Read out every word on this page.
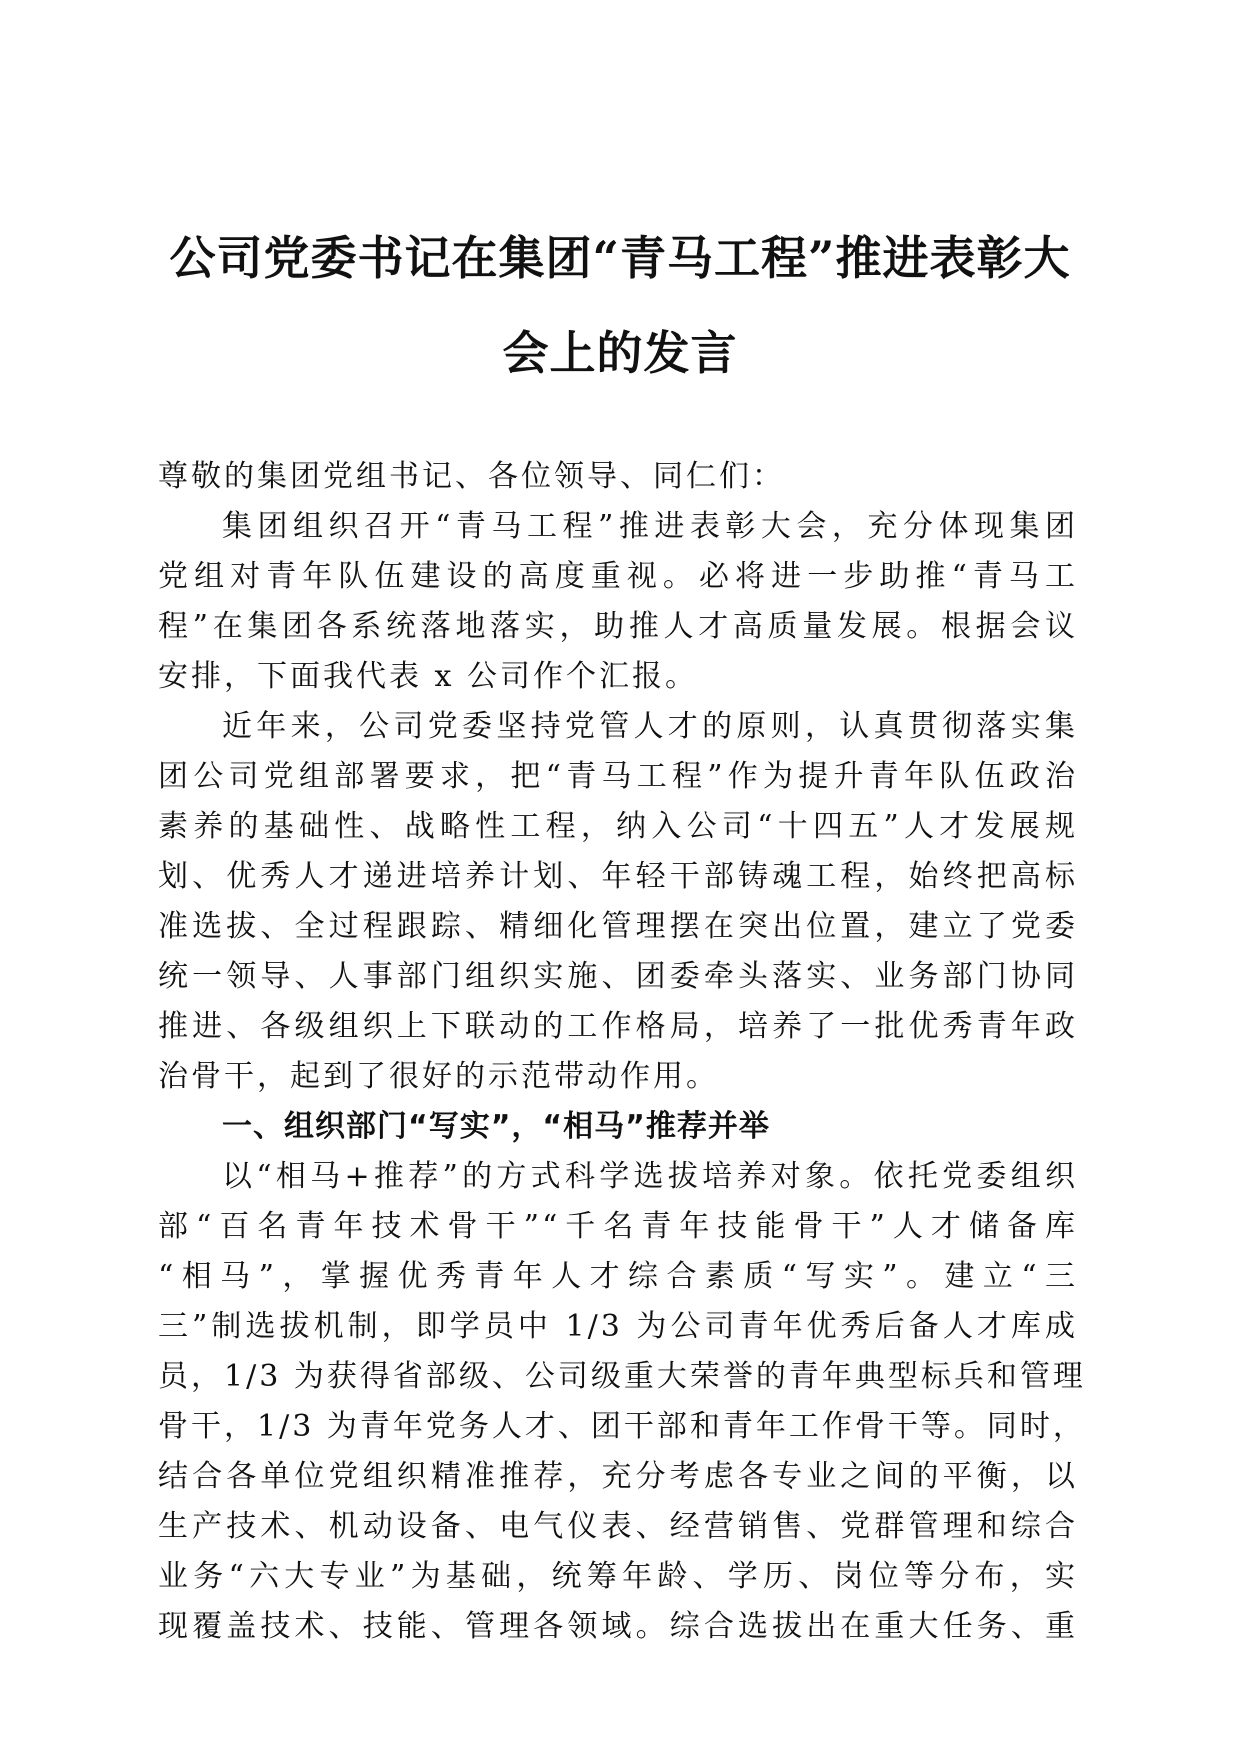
公司党委书记在集团“青马工程”推进表彰大
会上的发言
尊敬的集团党组书记、各位领导、同仁们：
集团组织召开“青马工程”推进表彰大会，充分体现集团
党组对青年队伍建设的高度重视。必将进一步助推“青马工
程”在集团各系统落地落实，助推人才高质量发展。根据会议
安排，下面我代表 x 公司作个汇报。
近年来，公司党委坚持党管人才的原则，认真贯彻落实集
团公司党组部署要求，把“青马工程”作为提升青年队伍政治
素养的基础性、战略性工程，纳入公司“十四五”人才发展规
划、优秀人才递进培养计划、年轻干部铸魂工程，始终把高标
准选拔、全过程跟踪、精细化管理摆在突出位置，建立了党委
统一领导、人事部门组织实施、团委牵头落实、业务部门协同
推进、各级组织上下联动的工作格局，培养了一批优秀青年政
治骨干，起到了很好的示范带动作用。
一、组织部门“写实”，“相马”推荐并举
以“相马+推荐”的方式科学选拔培养对象。依托党委组织
部“百名青年技术骨干”“千名青年技能骨干”人才储备库
“相马”，掌握优秀青年人才综合素质“写实”。建立“三
三”制选拔机制，即学员中 1/3 为公司青年优秀后备人才库成
员，1/3 为获得省部级、公司级重大荣誉的青年典型标兵和管理
骨干，1/3 为青年党务人才、团干部和青年工作骨干等。同时，
结合各单位党组织精准推荐，充分考虑各专业之间的平衡，以
生产技术、机动设备、电气仪表、经营销售、党群管理和综合
业务“六大专业”为基础，统筹年龄、学历、岗位等分布，实
现覆盖技术、技能、管理各领域。综合选拔出在重大任务、重
